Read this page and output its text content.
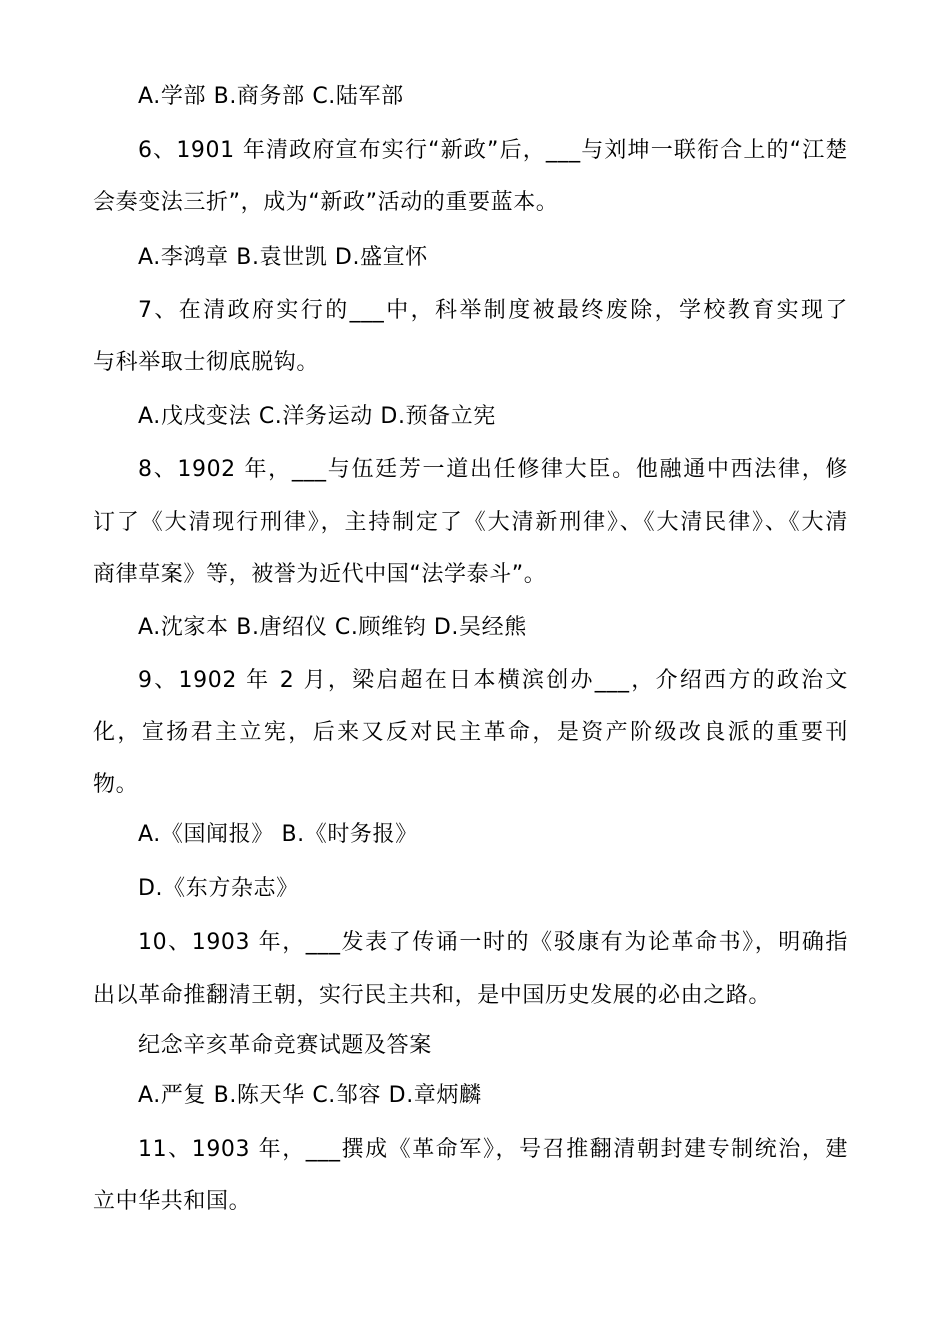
A.学部 B.商务部 C.陆军部
6、1901 年清政府宣布实行“新政”后，___与刘坤一联衔合上的“江楚
会奏变法三折”，成为“新政”活动的重要蓝本。
A.李鸿章 B.袁世凯 D.盛宣怀
7、在清政府实行的___中，科举制度被最终废除，学校教育实现了
与科举取士彻底脱钩。
A.戊戌变法 C.洋务运动 D.预备立宪
8、1902 年，___与伍廷芳一道出任修律大臣。他融通中西法律，修
订了《大清现行刑律》，主持制定了《大清新刑律》、《大清民律》、《大清
商律草案》等，被誉为近代中国“法学泰斗”。
A.沈家本 B.唐绍仪 C.顾维钧 D.吴经熊
9、1902 年 2 月，梁启超在日本横滨创办___，介绍西方的政治文
化，宣扬君主立宪，后来又反对民主革命，是资产阶级改良派的重要刊
物。
A.《国闻报》 B.《时务报》
D.《东方杂志》
10、1903 年，___发表了传诵一时的《驳康有为论革命书》，明确指
出以革命推翻清王朝，实行民主共和，是中国历史发展的必由之路。
纪念辛亥革命竞赛试题及答案
A.严复 B.陈天华 C.邹容 D.章炳麟
11、1903 年，___撰成《革命军》，号召推翻清朝封建专制统治，建
立中华共和国。
